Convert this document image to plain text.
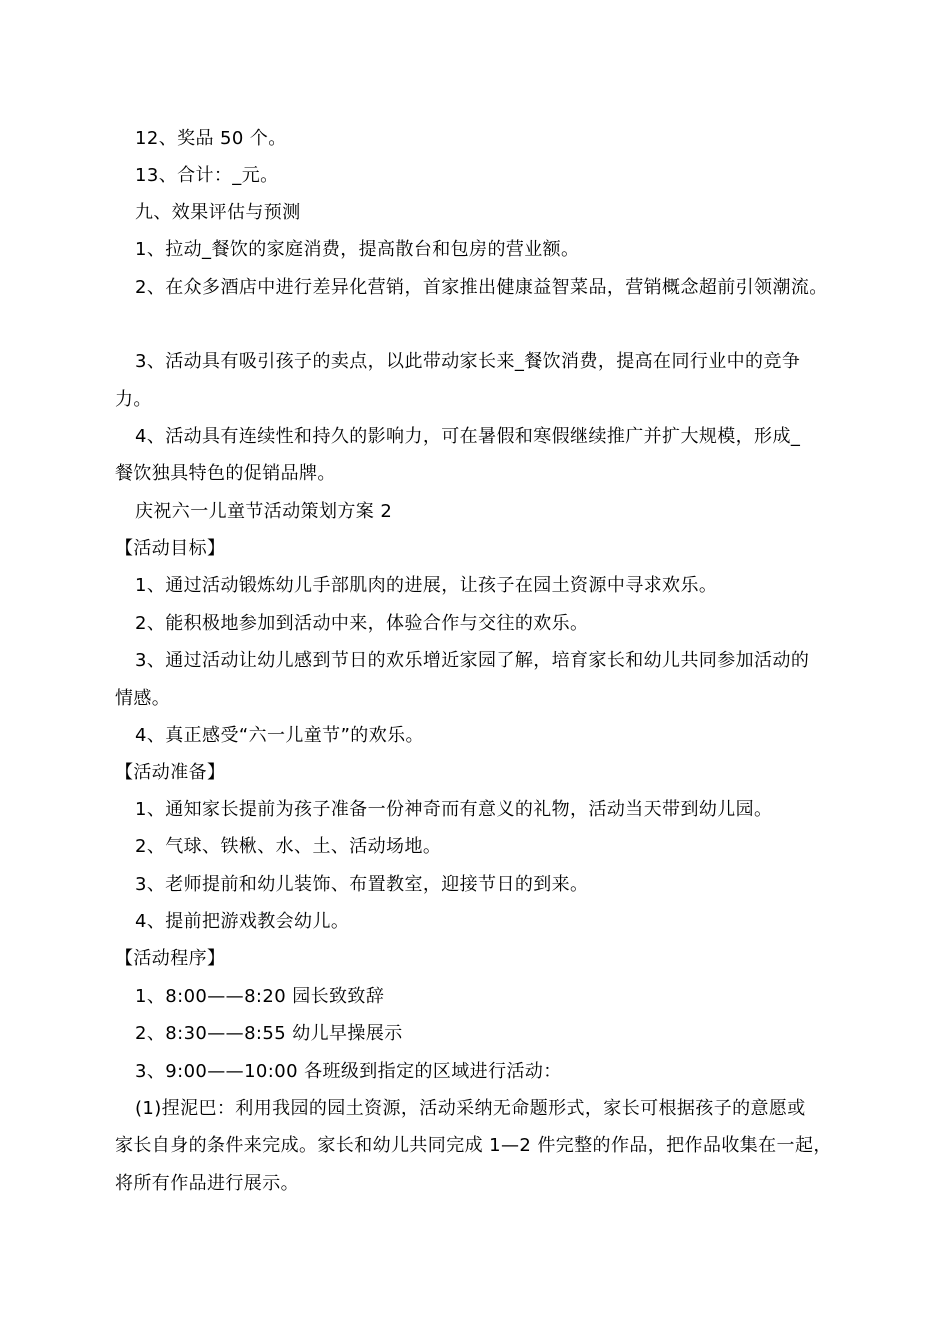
12、奖品 50 个。
13、合计：_元。
九、效果评估与预测
1、拉动_餐饮的家庭消费，提高散台和包房的营业额。
2、在众多酒店中进行差异化营销，首家推出健康益智菜品，营销概念超前引领潮流。
3、活动具有吸引孩子的卖点，以此带动家长来_餐饮消费，提高在同行业中的竞争
力。
4、活动具有连续性和持久的影响力，可在暑假和寒假继续推广并扩大规模，形成_
餐饮独具特色的促销品牌。
庆祝六一儿童节活动策划方案 2
【活动目标】
1、通过活动锻炼幼儿手部肌肉的进展，让孩子在园土资源中寻求欢乐。
2、能积极地参加到活动中来，体验合作与交往的欢乐。
3、通过活动让幼儿感到节日的欢乐增近家园了解，培育家长和幼儿共同参加活动的
情感。
4、真正感受“六一儿童节”的欢乐。
【活动准备】
1、通知家长提前为孩子准备一份神奇而有意义的礼物，活动当天带到幼儿园。
2、气球、铁楸、水、土、活动场地。
3、老师提前和幼儿装饰、布置教室，迎接节日的到来。
4、提前把游戏教会幼儿。
【活动程序】
1、8:00——8:20 园长致致辞
2、8:30——8:55 幼儿早操展示
3、9:00——10:00 各班级到指定的区域进行活动：
(1)捏泥巴：利用我园的园土资源，活动采纳无命题形式，家长可根据孩子的意愿或
家长自身的条件来完成。家长和幼儿共同完成 1—2 件完整的作品，把作品收集在一起，
将所有作品进行展示。
